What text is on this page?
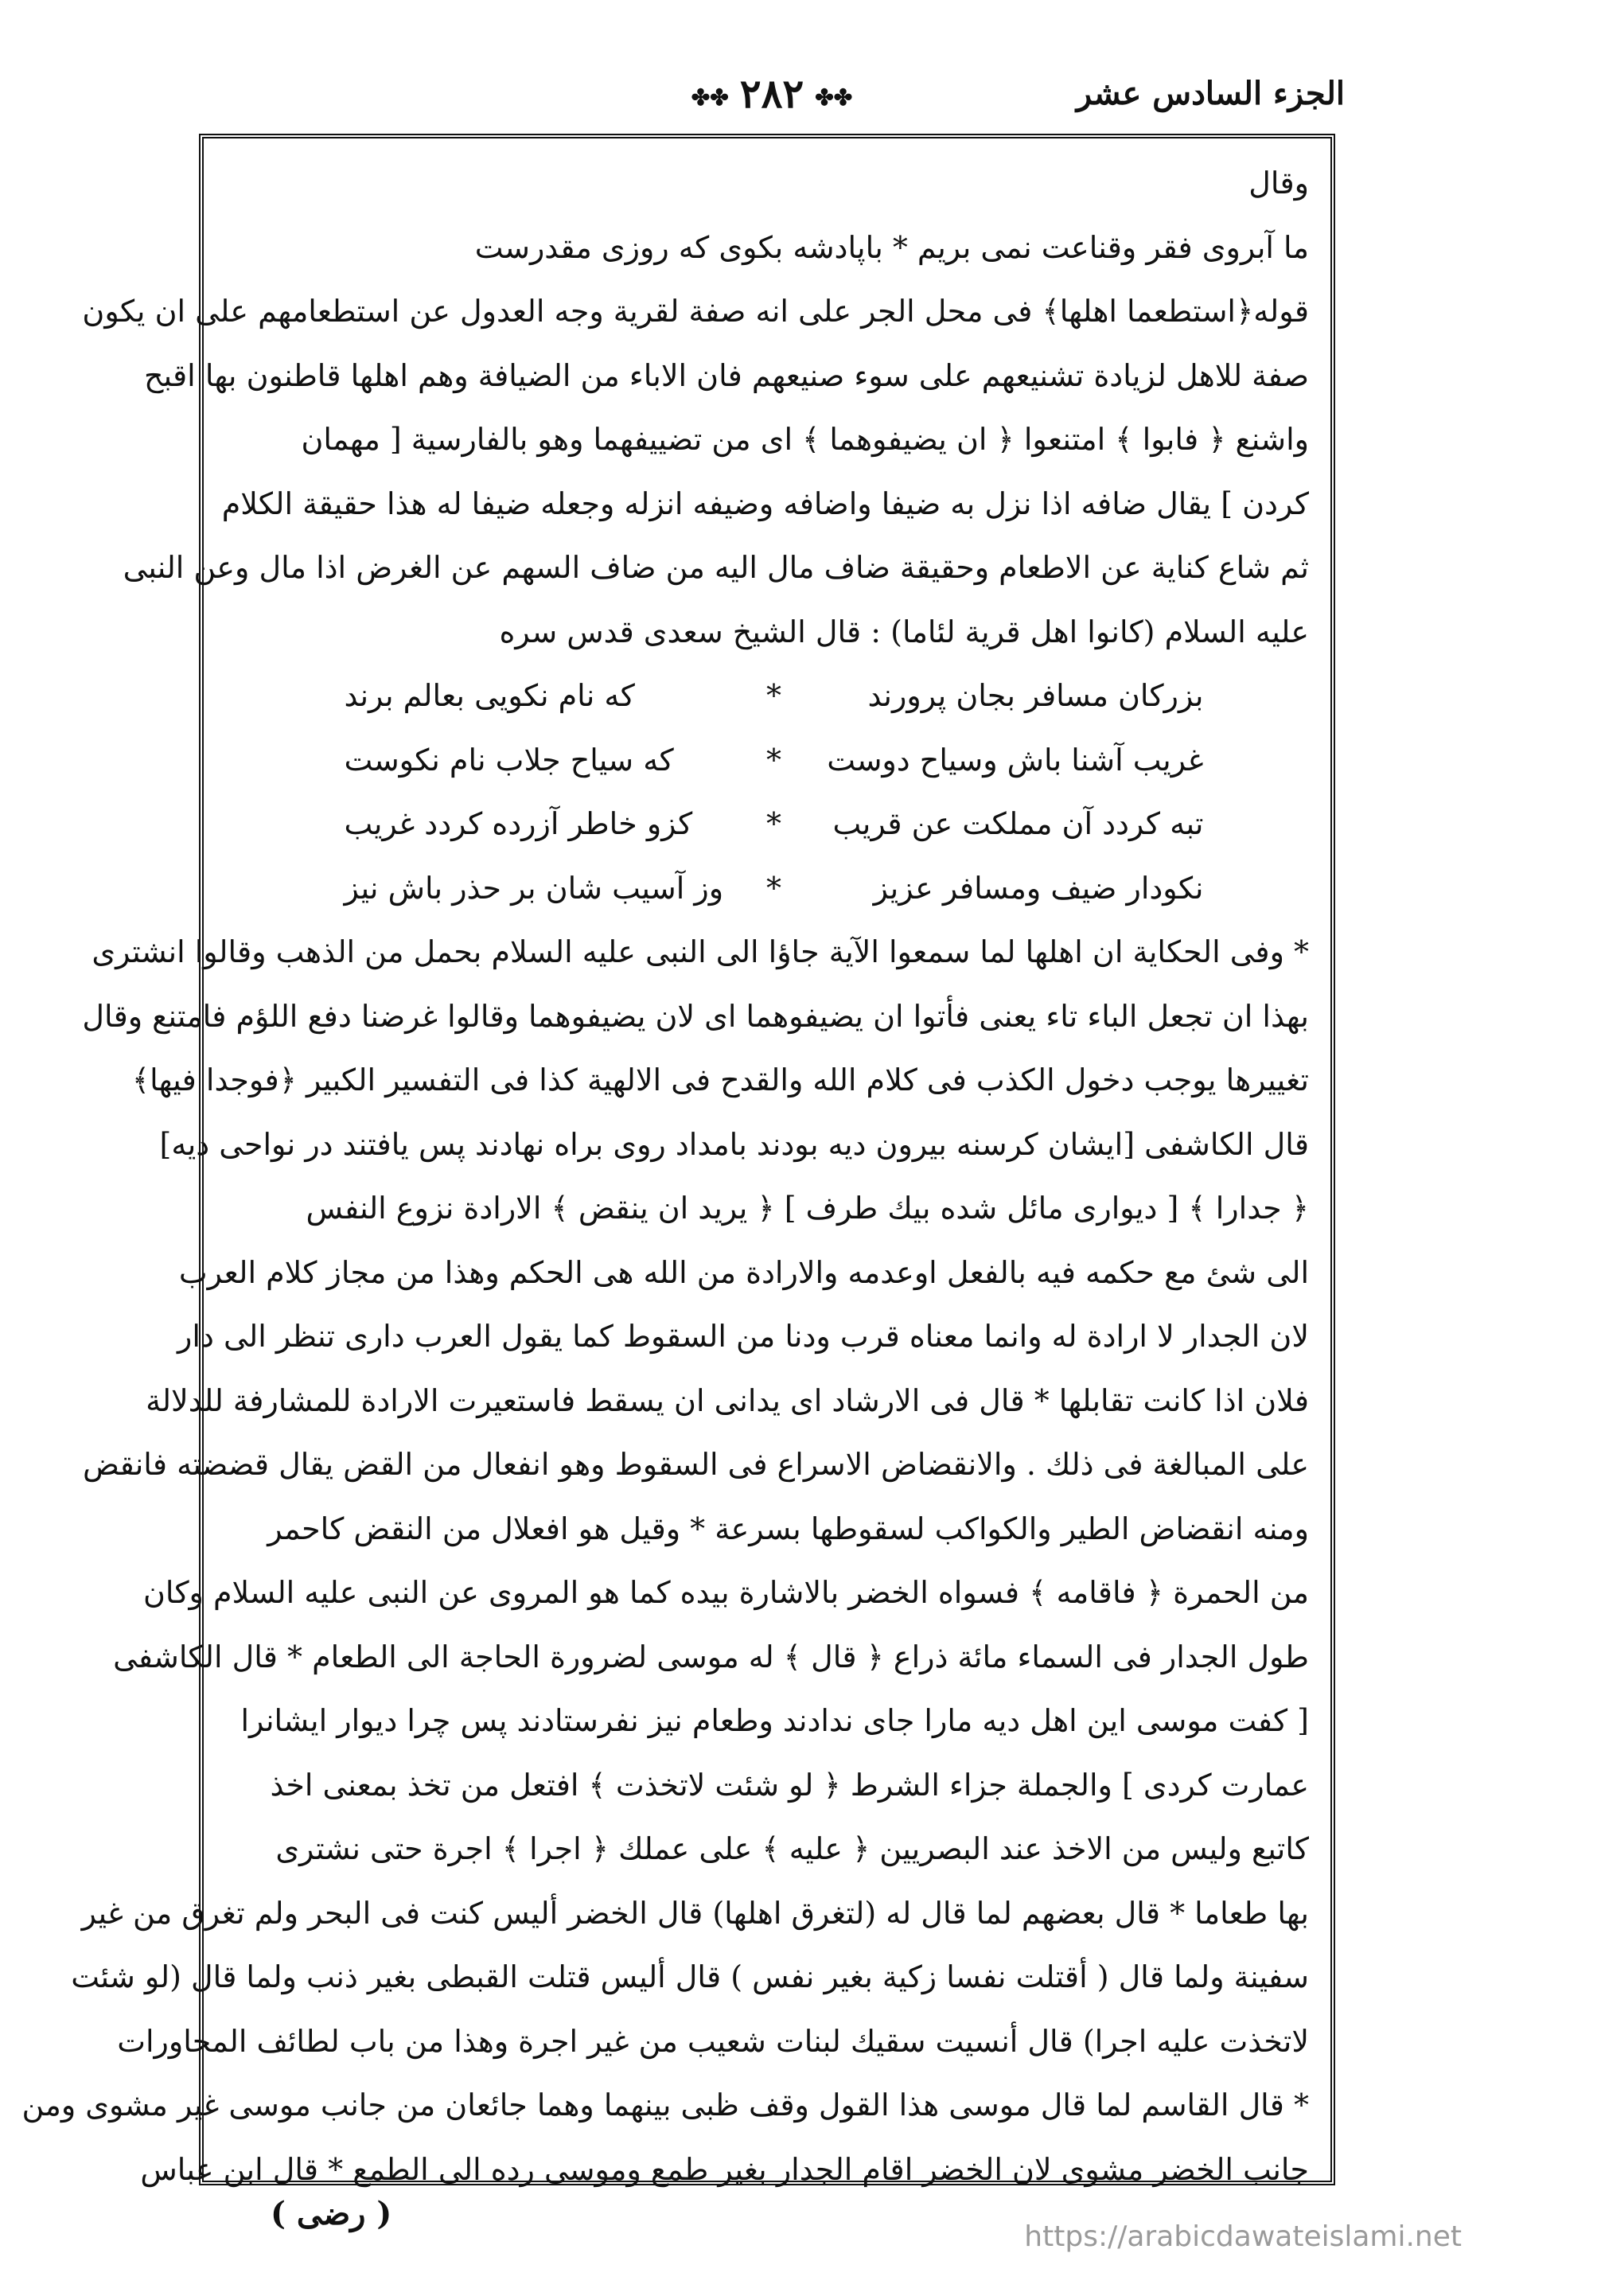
الجزء السادس عشر
✤✤٢٨٢✤✤
وقال
ما آبروى فقر وقناعت نمى بريم * باپادشه بكوى كه روزى مقدرست
قوله﴿استطعما اهلها﴾ فى محل الجر على انه صفة لقرية وجه العدول عن استطعامهم على ان يكون
صفة للاهل لزيادة تشنيعهم على سوء صنيعهم فان الاباء من الضيافة وهم اهلها قاطنون بها اقبح
واشنع ﴿ فابوا ﴾ امتنعوا ﴿ ان يضيفوهما ﴾ اى من تضييفهما وهو بالفارسية [ مهمان
كردن ] يقال ضافه اذا نزل به ضيفا واضافه وضيفه انزله وجعله ضيفا له هذا حقيقة الكلام
ثم شاع كناية عن الاطعام وحقيقة ضاف مال اليه من ضاف السهم عن الغرض اذا مال وعن النبى
عليه السلام (كانوا اهل قرية لئاما) : قال الشيخ سعدى قدس سره
بزركان مسافر بجان پرورند*كه نام نكويى بعالم برند
غريب آشنا باش وسياح دوست*كه سياح جلاب نام نكوست
تبه كردد آن مملكت عن قريب*كزو خاطر آزرده كردد غريب
نكودار ضيف ومسافر عزيز*وز آسيب شان بر حذر باش نيز
* وفى الحكاية ان اهلها لما سمعوا الآية جاؤا الى النبى عليه السلام بحمل من الذهب وقالوا انشترى
بهذا ان تجعل الباء تاء يعنى فأتوا ان يضيفوهما اى لان يضيفوهما وقالوا غرضنا دفع اللؤم فامتنع وقال
تغييرها يوجب دخول الكذب فى كلام الله والقدح فى الالهية كذا فى التفسير الكبير ﴿فوجدا فيها﴾
قال الكاشفى [ايشان كرسنه بيرون ديه بودند بامداد روى براه نهادند پس يافتند در نواحى ديه]
﴿ جدارا ﴾ [ ديوارى مائل شده بيك طرف ] ﴿ يريد ان ينقض ﴾ الارادة نزوع النفس
الى شئ مع حكمه فيه بالفعل اوعدمه والارادة من الله هى الحكم وهذا من مجاز كلام العرب
لان الجدار لا ارادة له وانما معناه قرب ودنا من السقوط كما يقول العرب دارى تنظر الى دار
فلان اذا كانت تقابلها * قال فى الارشاد اى يدانى ان يسقط فاستعيرت الارادة للمشارفة للدلالة
على المبالغة فى ذلك . والانقضاض الاسراع فى السقوط وهو انفعال من القض يقال قضضته فانقض
ومنه انقضاض الطير والكواكب لسقوطها بسرعة * وقيل هو افعلال من النقض كاحمر
من الحمرة ﴿ فاقامه ﴾ فسواه الخضر بالاشارة بيده كما هو المروى عن النبى عليه السلام وكان
طول الجدار فى السماء مائة ذراع ﴿ قال ﴾ له موسى لضرورة الحاجة الى الطعام * قال الكاشفى
[ كفت موسى اين اهل ديه مارا جاى ندادند وطعام نيز نفرستادند پس چرا ديوار ايشانرا
عمارت كردى ] والجملة جزاء الشرط ﴿ لو شئت لاتخذت ﴾ افتعل من تخذ بمعنى اخذ
كاتبع وليس من الاخذ عند البصريين ﴿ عليه ﴾ على عملك ﴿ اجرا ﴾ اجرة حتى نشترى
بها طعاما * قال بعضهم لما قال له (لتغرق اهلها) قال الخضر أليس كنت فى البحر ولم تغرق من غير
سفينة ولما قال ( أقتلت نفسا زكية بغير نفس ) قال أليس قتلت القبطى بغير ذنب ولما قال (لو شئت
لاتخذت عليه اجرا) قال أنسيت سقيك لبنات شعيب من غير اجرة وهذا من باب لطائف المحاورات
* قال القاسم لما قال موسى هذا القول وقف ظبى بينهما وهما جائعان من جانب موسى غير مشوى ومن
جانب الخضر مشوى لان الخضر اقام الجدار بغير طمع وموسى رده الى الطمع * قال ابن عباس
( رضى )
https://arabicdawateislami.net
